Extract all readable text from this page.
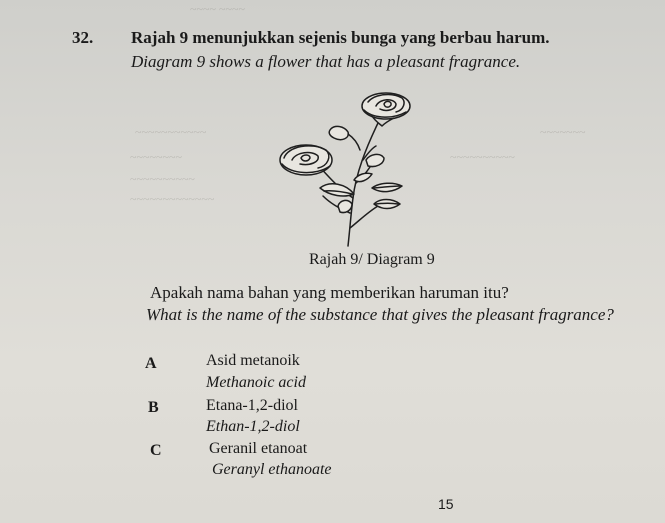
~~~~ ~~~~
~~~~~~~~~~~
~~~~~~~~
~~~~~~~~~~
~~~~~~~~~~~~~
~~~~~~~
~~~~~~~~~~
32. Rajah 9 menunjukkan sejenis bunga yang berbau harum.
Diagram 9 shows a flower that has a pleasant fragrance.
Rajah 9/ Diagram 9
Apakah nama bahan yang memberikan haruman itu?
What is the name of the substance that gives the pleasant fragrance?
A	Asid metanoik
Methanoic acid
B	Etana-1,2-diol
Ethan-1,2-diol
C	Geranil etanoat
Geranyl ethanoate
15
